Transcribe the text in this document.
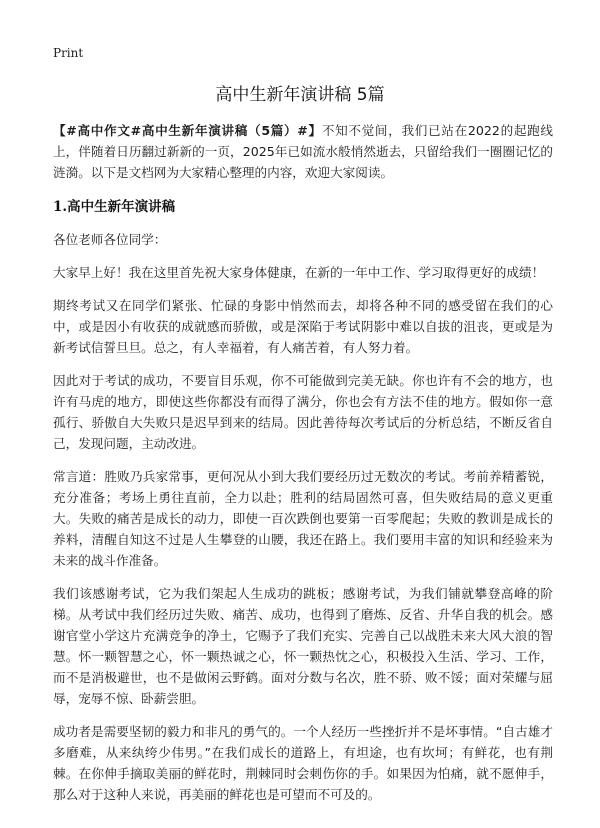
Print
高中生新年演讲稿 5篇

【#高中作文#高中生新年演讲稿（5篇）#】不知不觉间，我们已站在2022的起跑线上，伴随着日历翻过新新的一页，2025年已如流水般悄然逝去，只留给我们一圈圈记忆的涟漪。以下是文档网为大家精心整理的内容，欢迎大家阅读。

1.高中生新年演讲稿

各位老师各位同学：

大家早上好！我在这里首先祝大家身体健康，在新的一年中工作、学习取得更好的成绩！

期终考试又在同学们紧张、忙碌的身影中悄然而去，却将各种不同的感受留在我们的心中，或是因小有收获的成就感而骄傲，或是深陷于考试阴影中难以自拔的沮丧，更或是为新考试信誓旦旦。总之，有人幸福着，有人痛苦着，有人努力着。

因此对于考试的成功，不要盲目乐观，你不可能做到完美无缺。你也许有不会的地方，也许有马虎的地方，即使这些你都没有而得了满分，你也会有方法不佳的地方。假如你一意孤行、骄傲自大失败只是迟早到来的结局。因此善待每次考试后的分析总结，不断反省自己，发现问题，主动改进。

常言道：胜败乃兵家常事，更何况从小到大我们要经历过无数次的考试。考前养精蓄锐，充分准备；考场上勇往直前，全力以赴；胜利的结局固然可喜，但失败结局的意义更重大。失败的痛苦是成长的动力，即使一百次跌倒也要第一百零爬起；失败的教训是成长的养料，清醒自知这不过是人生攀登的山腰，我还在路上。我们要用丰富的知识和经验来为未来的战斗作准备。

我们该感谢考试，它为我们架起人生成功的跳板；感谢考试，为我们铺就攀登高峰的阶梯。从考试中我们经历过失败、痛苦、成功，也得到了磨炼、反省、升华自我的机会。感谢官堂小学这片充满竞争的净土，它赐予了我们充实、完善自己以战胜未来大风大浪的智慧。怀一颗智慧之心，怀一颗热诚之心，怀一颗热忱之心，积极投入生活、学习、工作，而不是消极避世，也不是做闲云野鹤。面对分数与名次，胜不骄、败不馁；面对荣耀与屈辱，宠辱不惊、卧薪尝胆。

成功者是需要坚韧的毅力和非凡的勇气的。一个人经历一些挫折并不是坏事情。“自古雄才多磨难，从来纨绔少伟男。”在我们成长的道路上，有坦途，也有坎坷；有鲜花，也有荆棘。在你伸手摘取美丽的鲜花时，荆棘同时会刺伤你的手。如果因为怕痛，就不愿伸手，那么对于这种人来说，再美丽的鲜花也是可望而不可及的。
